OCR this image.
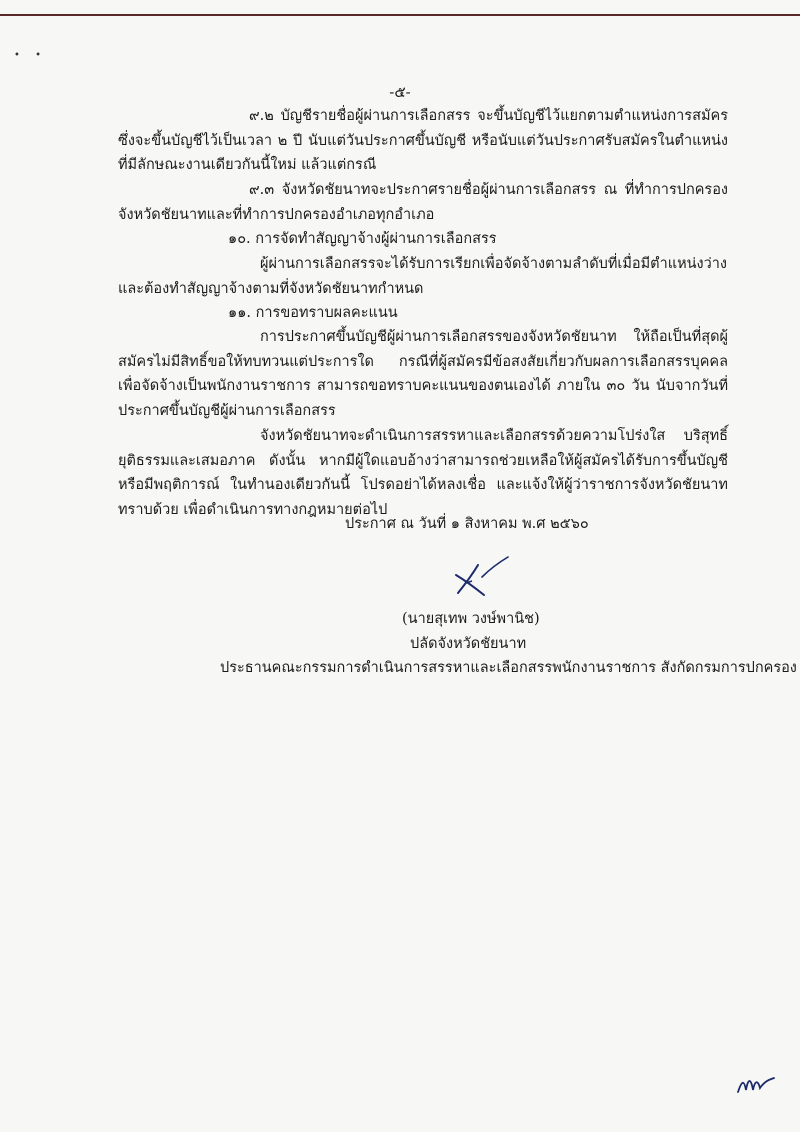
• •
-๕-
๙.๒ บัญชีรายชื่อผู้ผ่านการเลือกสรร จะขึ้นบัญชีไว้แยกตามตำแหน่งการสมัครซึ่งจะขึ้นบัญชีไว้เป็นเวลา ๒ ปี นับแต่วันประกาศขึ้นบัญชี หรือนับแต่วันประกาศรับสมัครในตำแหน่งที่มีลักษณะงานเดียวกันนี้ใหม่ แล้วแต่กรณี
๙.๓ จังหวัดชัยนาทจะประกาศรายชื่อผู้ผ่านการเลือกสรร ณ ที่ทำการปกครองจังหวัดชัยนาทและที่ทำการปกครองอำเภอทุกอำเภอ
๑๐. การจัดทำสัญญาจ้างผู้ผ่านการเลือกสรร
ผู้ผ่านการเลือกสรรจะได้รับการเรียกเพื่อจัดจ้างตามลำดับที่เมื่อมีตำแหน่งว่าง และต้องทำสัญญาจ้างตามที่จังหวัดชัยนาทกำหนด
๑๑. การขอทราบผลคะแนน
การประกาศขึ้นบัญชีผู้ผ่านการเลือกสรรของจังหวัดชัยนาท ให้ถือเป็นที่สุดผู้สมัครไม่มีสิทธิ์ขอให้ทบทวนแต่ประการใด กรณีที่ผู้สมัครมีข้อสงสัยเกี่ยวกับผลการเลือกสรรบุคคลเพื่อจัดจ้างเป็นพนักงานราชการ สามารถขอทราบคะแนนของตนเองได้ ภายใน ๓๐ วัน นับจากวันที่ประกาศขึ้นบัญชีผู้ผ่านการเลือกสรร
จังหวัดชัยนาทจะดำเนินการสรรหาและเลือกสรรด้วยความโปร่งใส บริสุทธิ์ ยุติธรรมและเสมอภาค ดังนั้น หากมีผู้ใดแอบอ้างว่าสามารถช่วยเหลือให้ผู้สมัครได้รับการขึ้นบัญชี หรือมีพฤติการณ์ ในทำนองเดียวกันนี้ โปรดอย่าได้หลงเชื่อ และแจ้งให้ผู้ว่าราชการจังหวัดชัยนาททราบด้วย เพื่อดำเนินการทางกฎหมายต่อไป
ประกาศ ณ วันที่ ๑ สิงหาคม พ.ศ ๒๕๖๐
(นายสุเทพ วงษ์พานิช)
ปลัดจังหวัดชัยนาท
ประธานคณะกรรมการดำเนินการสรรหาและเลือกสรรพนักงานราชการ สังกัดกรมการปกครอง
